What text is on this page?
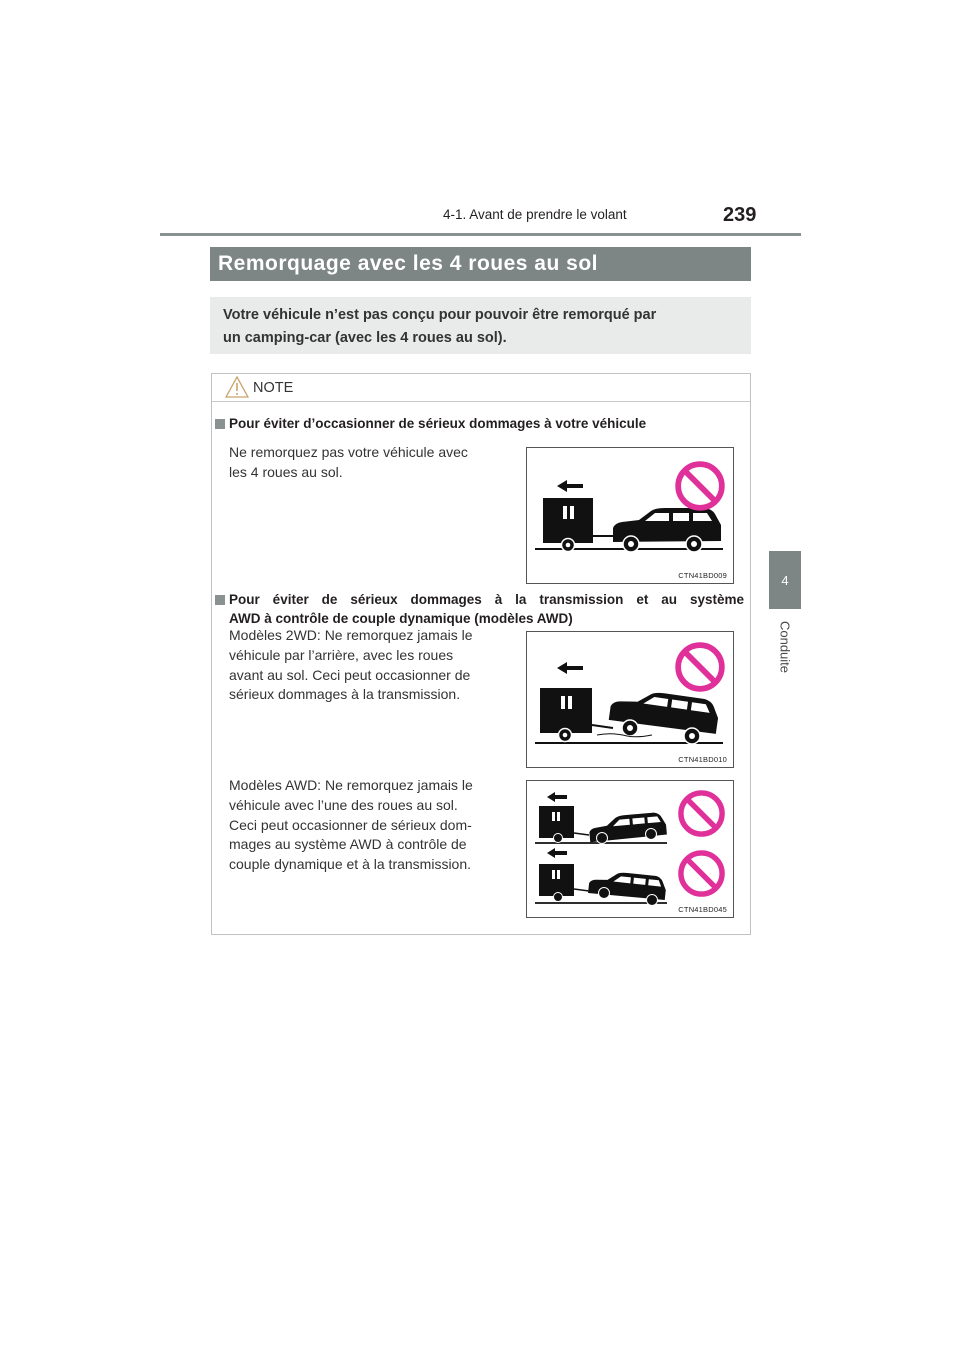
4-1. Avant de prendre le volant	239
4
Conduite
Remorquage avec les 4 roues au sol
Votre véhicule n’est pas conçu pour pouvoir être remorqué par
un camping-car (avec les 4 roues au sol).
NOTE
Pour éviter d’occasionner de sérieux dommages à votre véhicule
Ne remorquez pas votre véhicule avec
les 4 roues au sol.
CTN41BD009
Pour éviter de sérieux dommages à la transmission et au système
AWD à contrôle de couple dynamique (modèles AWD)
Modèles 2WD: Ne remorquez jamais le
véhicule par l’arrière, avec les roues
avant au sol. Ceci peut occasionner de
sérieux dommages à la transmission.
CTN41BD010
Modèles AWD: Ne remorquez jamais le
véhicule avec l’une des roues au sol.
Ceci peut occasionner de sérieux dom-
mages au système AWD à contrôle de
couple dynamique et à la transmission.
CTN41BD045
